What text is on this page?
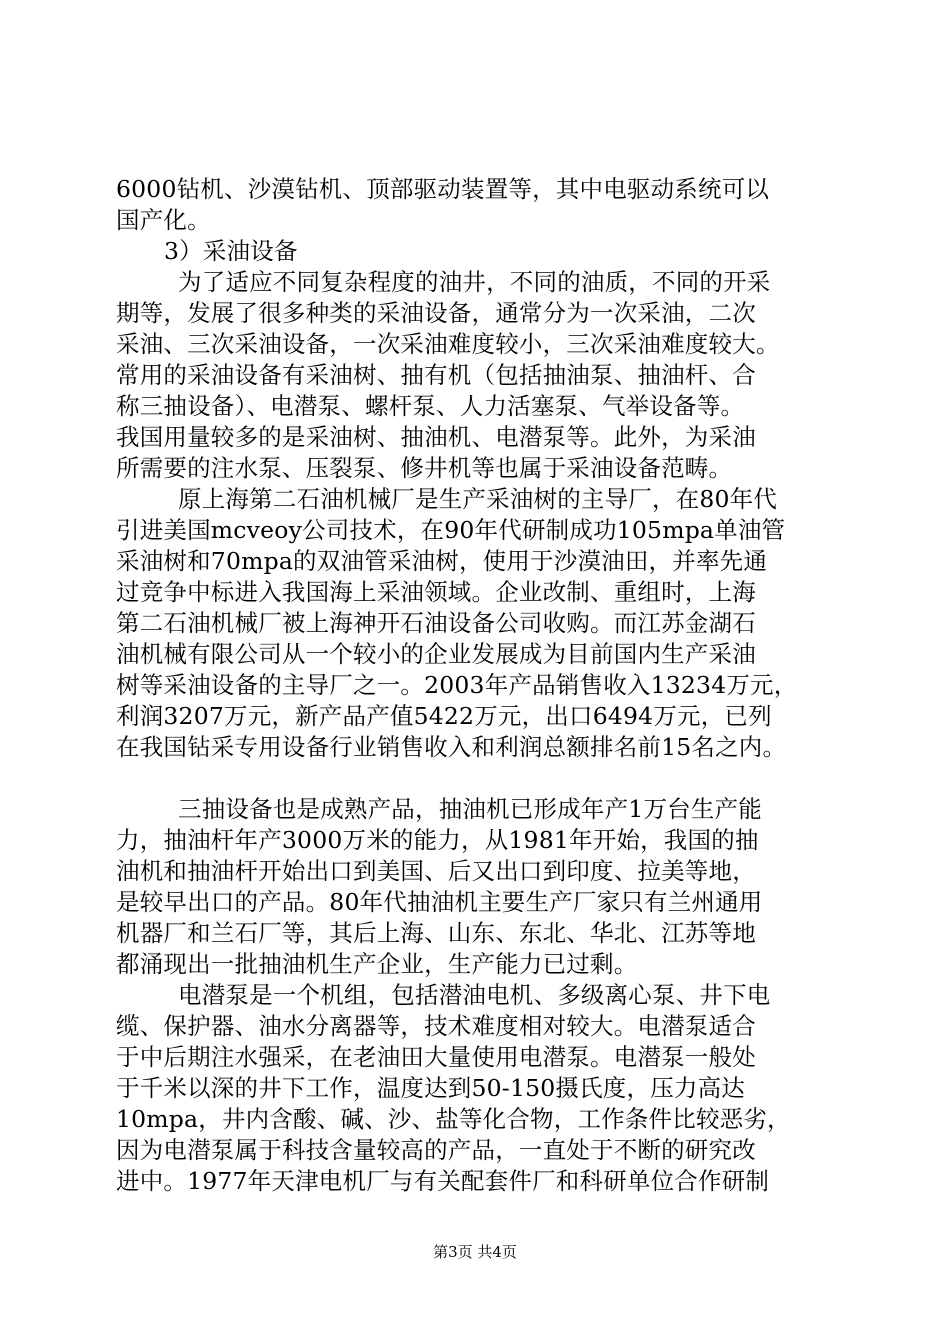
6000钻机、沙漠钻机、顶部驱动装置等，其中电驱动系统可以
国产化。
3）采油设备
为了适应不同复杂程度的油井，不同的油质，不同的开采
期等，发展了很多种类的采油设备，通常分为一次采油，二次
采油、三次采油设备，一次采油难度较小，三次采油难度较大。
常用的采油设备有采油树、抽有机（包括抽油泵、抽油杆、合
称三抽设备）、电潜泵、螺杆泵、人力活塞泵、气举设备等。
我国用量较多的是采油树、抽油机、电潜泵等。此外，为采油
所需要的注水泵、压裂泵、修井机等也属于采油设备范畴。
原上海第二石油机械厂是生产采油树的主导厂，在80年代
引进美国mcveoy公司技术，在90年代研制成功105mpa单油管
采油树和70mpa的双油管采油树，使用于沙漠油田，并率先通
过竞争中标进入我国海上采油领域。企业改制、重组时，上海
第二石油机械厂被上海神开石油设备公司收购。而江苏金湖石
油机械有限公司从一个较小的企业发展成为目前国内生产采油
树等采油设备的主导厂之一。2003年产品销售收入13234万元，
利润3207万元，新产品产值5422万元，出口6494万元，已列
在我国钻采专用设备行业销售收入和利润总额排名前15名之内。
三抽设备也是成熟产品，抽油机已形成年产1万台生产能
力，抽油杆年产3000万米的能力，从1981年开始，我国的抽
油机和抽油杆开始出口到美国、后又出口到印度、拉美等地，
是较早出口的产品。80年代抽油机主要生产厂家只有兰州通用
机器厂和兰石厂等，其后上海、山东、东北、华北、江苏等地
都涌现出一批抽油机生产企业，生产能力已过剩。
电潜泵是一个机组，包括潜油电机、多级离心泵、井下电
缆、保护器、油水分离器等，技术难度相对较大。电潜泵适合
于中后期注水强采，在老油田大量使用电潜泵。电潜泵一般处
于千米以深的井下工作，温度达到50-150摄氏度，压力高达
10mpa，井内含酸、碱、沙、盐等化合物，工作条件比较恶劣，
因为电潜泵属于科技含量较高的产品，一直处于不断的研究改
进中。1977年天津电机厂与有关配套件厂和科研单位合作研制
第3页 共4页
